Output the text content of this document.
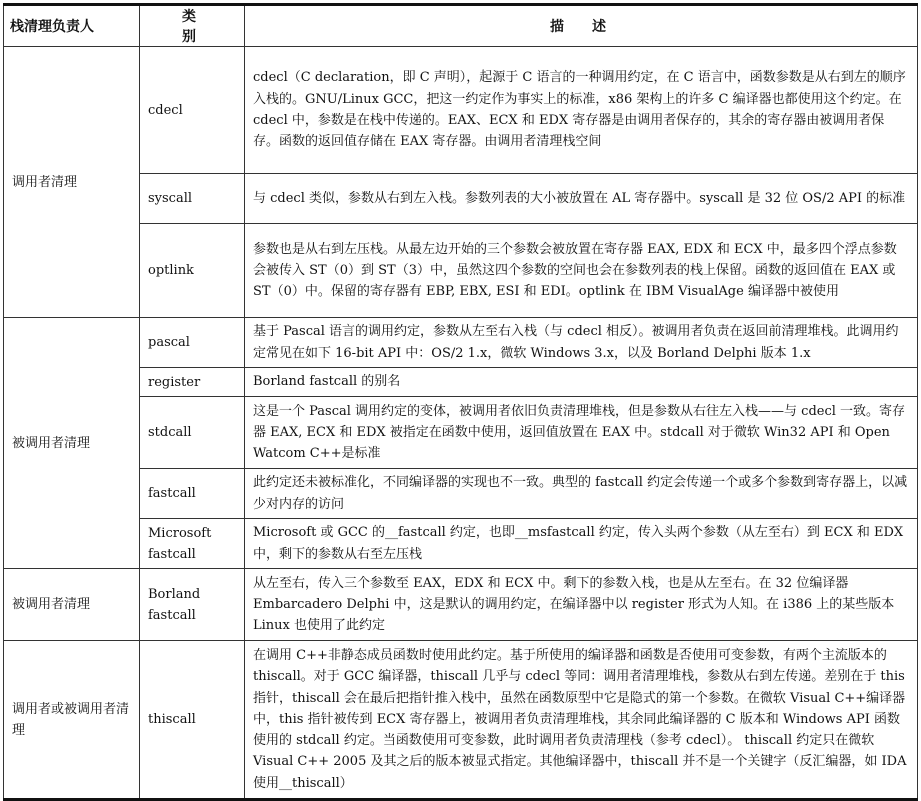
栈清理负责人	类别	描述
调用者清理	cdecl	cdecl（C declaration，即 C 声明），起源于 C 语言的一种调用约定，在 C 语言中，函数参数是从右到左的顺序入栈的。GNU/Linux GCC，把这一约定作为事实上的标准，x86 架构上的许多 C 编译器也都使用这个约定。在 cdecl 中，参数是在栈中传递的。EAX、ECX 和 EDX 寄存器是由调用者保存的，其余的寄存器由被调用者保存。函数的返回值存储在 EAX 寄存器。由调用者清理栈空间
	syscall	与 cdecl 类似，参数从右到左入栈。参数列表的大小被放置在 AL 寄存器中。syscall 是 32 位 OS/2 API 的标准
	optlink	参数也是从右到左压栈。从最左边开始的三个参数会被放置在寄存器 EAX, EDX 和 ECX 中，最多四个浮点参数会被传入 ST（0）到 ST（3）中，虽然这四个参数的空间也会在参数列表的栈上保留。函数的返回值在 EAX 或 ST（0）中。保留的寄存器有 EBP, EBX, ESI 和 EDI。optlink 在 IBM VisualAge 编译器中被使用
被调用者清理	pascal	基于 Pascal 语言的调用约定，参数从左至右入栈（与 cdecl 相反）。被调用者负责在返回前清理堆栈。此调用约定常见在如下 16-bit API 中：OS/2 1.x，微软 Windows 3.x，以及 Borland Delphi 版本 1.x
	register	Borland fastcall 的别名
	stdcall	这是一个 Pascal 调用约定的变体，被调用者依旧负责清理堆栈，但是参数从右往左入栈——与 cdecl 一致。寄存器 EAX, ECX 和 EDX 被指定在函数中使用，返回值放置在 EAX 中。stdcall 对于微软 Win32 API 和 Open Watcom C++是标准
	fastcall	此约定还未被标准化，不同编译器的实现也不一致。典型的 fastcall 约定会传递一个或多个参数到寄存器上，以减少对内存的访问
	Microsoft fastcall	Microsoft 或 GCC 的__fastcall 约定，也即__msfastcall 约定，传入头两个参数（从左至右）到 ECX 和 EDX 中，剩下的参数从右至左压栈
被调用者清理	Borland fastcall	从左至右，传入三个参数至 EAX，EDX 和 ECX 中。剩下的参数入栈，也是从左至右。在 32 位编译器 Embarcadero Delphi 中，这是默认的调用约定，在编译器中以 register 形式为人知。在 i386 上的某些版本 Linux 也使用了此约定
调用者或被调用者清理	thiscall	在调用 C++非静态成员函数时使用此约定。基于所使用的编译器和函数是否使用可变参数，有两个主流版本的 thiscall。对于 GCC 编译器，thiscall 几乎与 cdecl 等同：调用者清理堆栈，参数从右到左传递。差别在于 this 指针，thiscall 会在最后把指针推入栈中，虽然在函数原型中它是隐式的第一个参数。在微软 Visual C++编译器中，this 指针被传到 ECX 寄存器上，被调用者负责清理堆栈，其余同此编译器的 C 版本和 Windows API 函数使用的 stdcall 约定。当函数使用可变参数，此时调用者负责清理栈（参考 cdecl）。 thiscall 约定只在微软 Visual C++ 2005 及其之后的版本被显式指定。其他编译器中，thiscall 并不是一个关键字（反汇编器，如 IDA 使用__thiscall）
